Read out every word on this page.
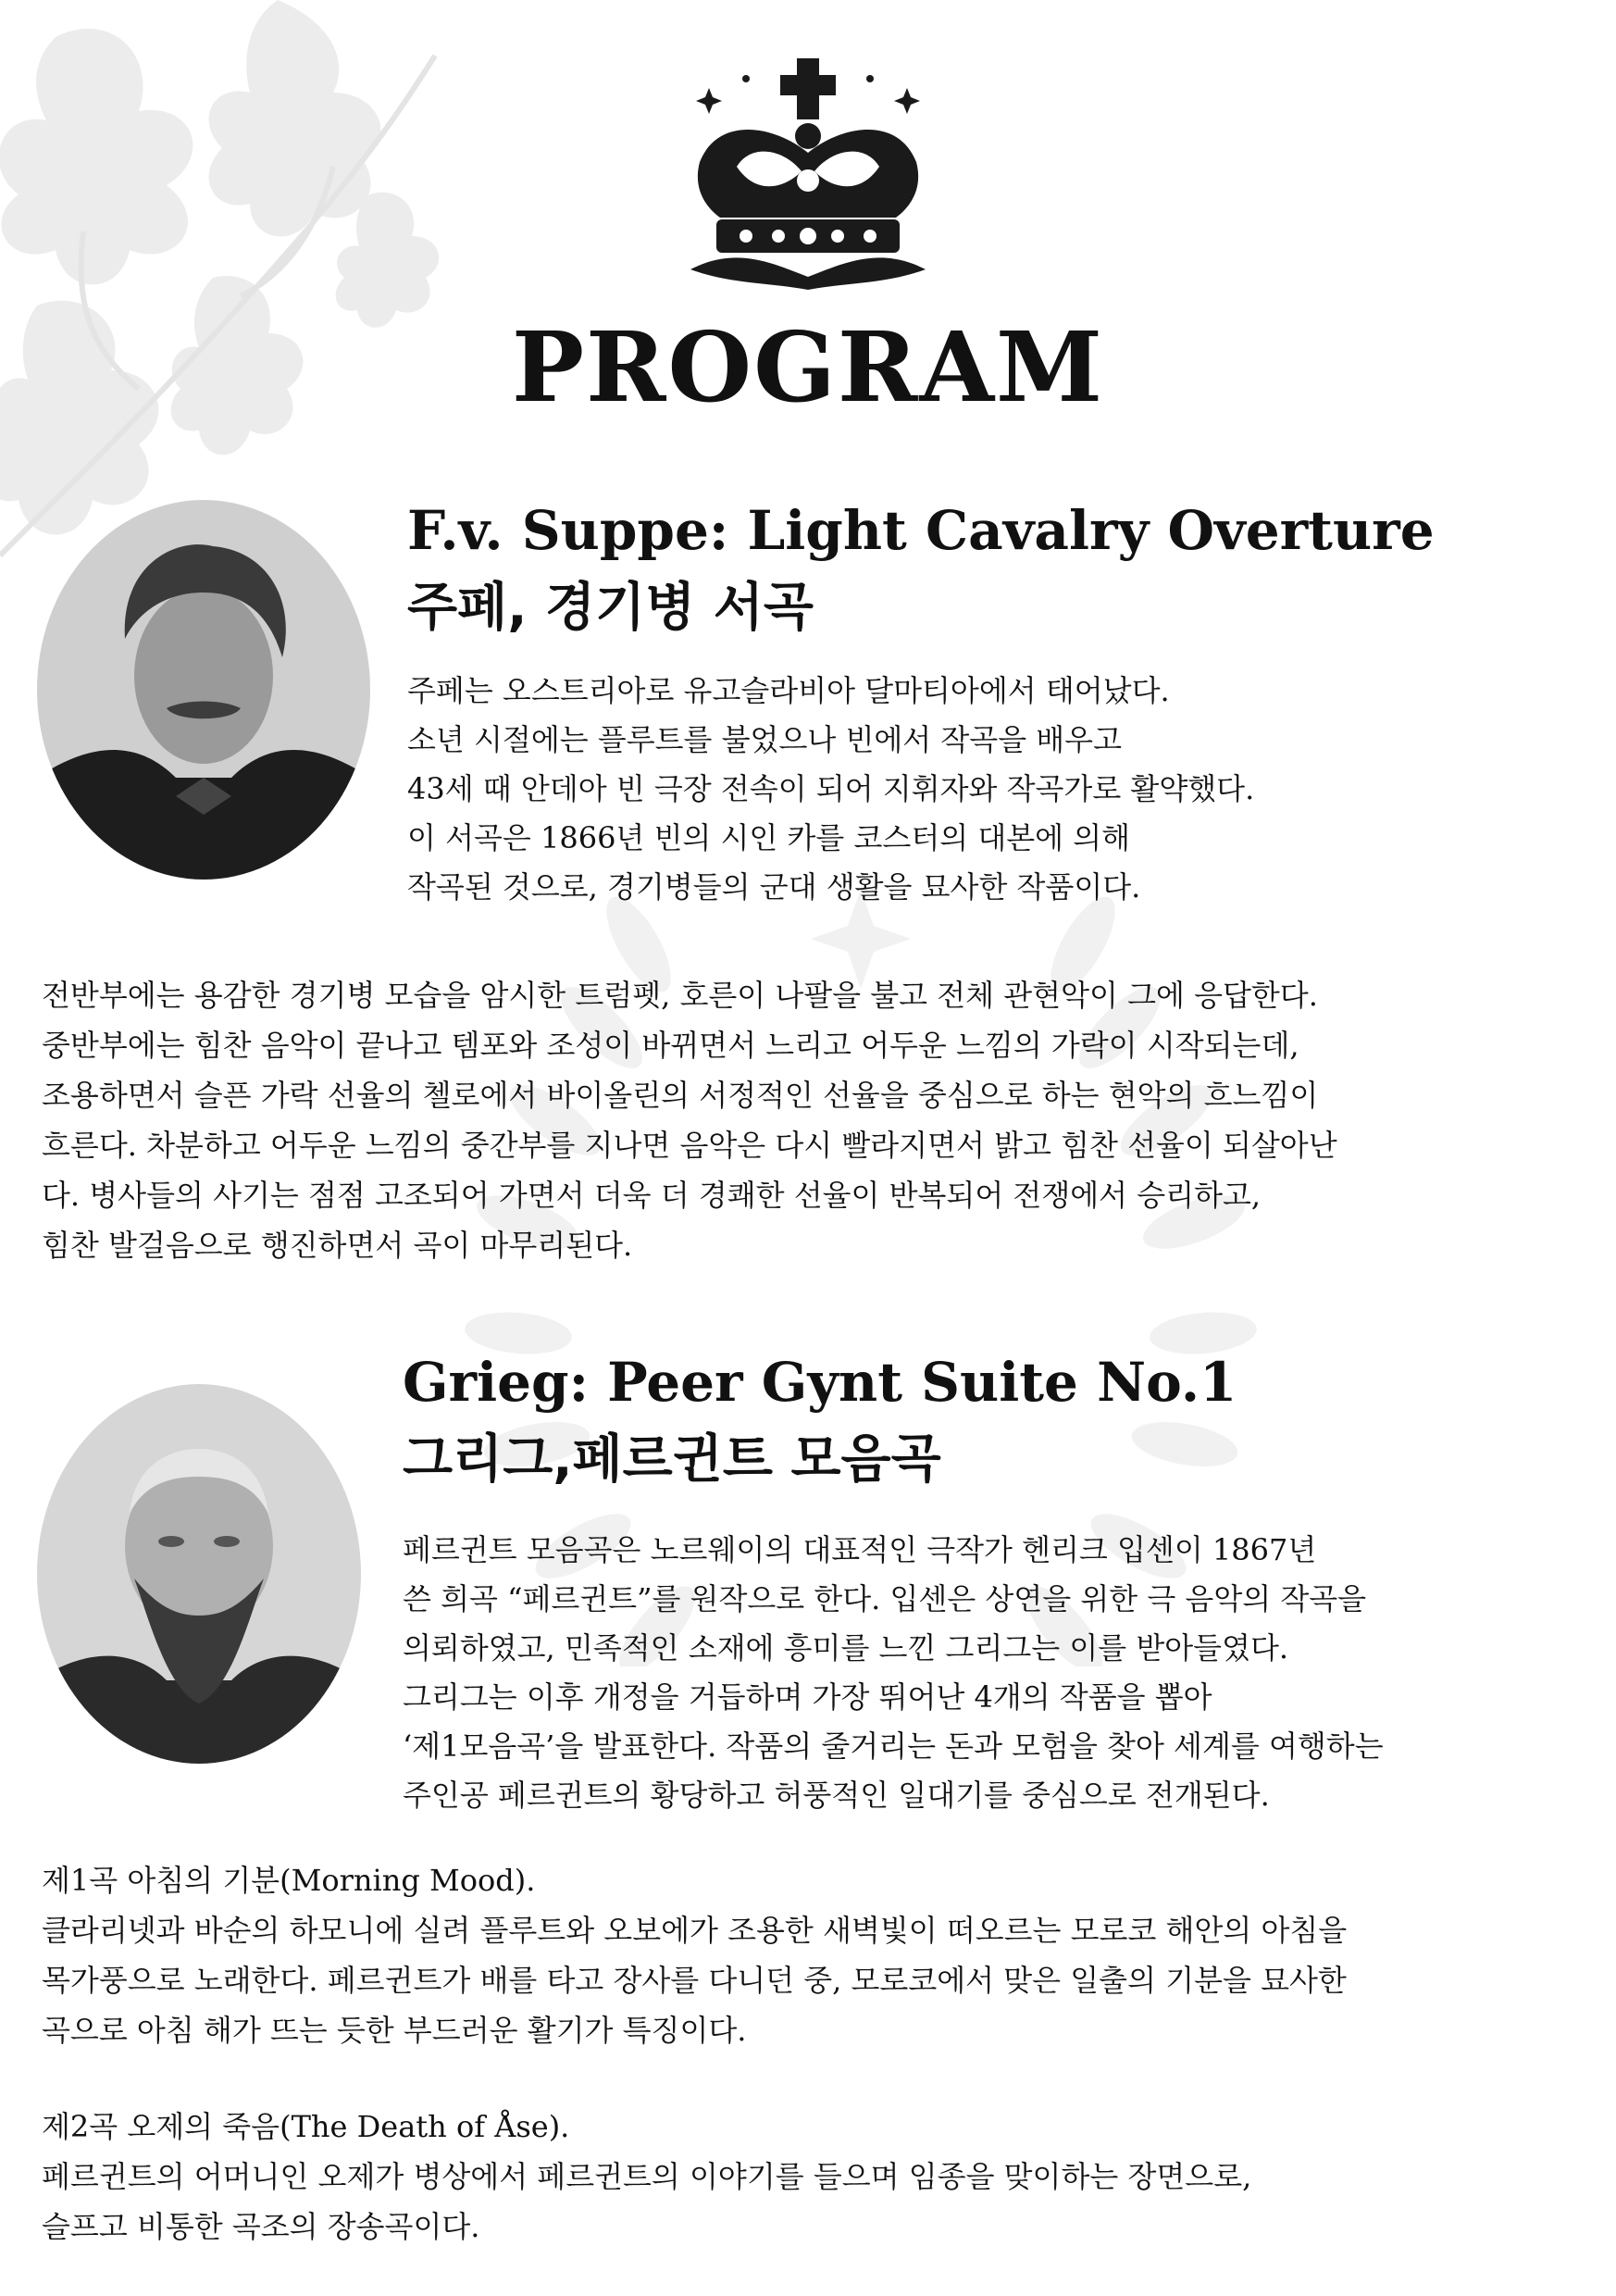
PROGRAM
F.v. Suppe: Light Cavalry Overture
주페, 경기병 서곡
주페는 오스트리아로 유고슬라비아 달마티아에서 태어났다.
소년 시절에는 플루트를 불었으나 빈에서 작곡을 배우고
43세 때 안데아 빈 극장 전속이 되어 지휘자와 작곡가로 활약했다.
이 서곡은 1866년 빈의 시인 카를 코스터의 대본에 의해
작곡된 것으로, 경기병들의 군대 생활을 묘사한 작품이다.
전반부에는 용감한 경기병 모습을 암시한 트럼펫, 호른이 나팔을 불고 전체 관현악이 그에 응답한다.
중반부에는 힘찬 음악이 끝나고 템포와 조성이 바뀌면서 느리고 어두운 느낌의 가락이 시작되는데,
조용하면서 슬픈 가락 선율의 첼로에서 바이올린의 서정적인 선율을 중심으로 하는 현악의 흐느낌이
흐른다. 차분하고 어두운 느낌의 중간부를 지나면 음악은 다시 빨라지면서 밝고 힘찬 선율이 되살아난
다. 병사들의 사기는 점점 고조되어 가면서 더욱 더 경쾌한 선율이 반복되어 전쟁에서 승리하고,
힘찬 발걸음으로 행진하면서 곡이 마무리된다.
Grieg: Peer Gynt Suite No.1
그리그,페르귄트 모음곡
페르귄트 모음곡은 노르웨이의 대표적인 극작가 헨리크 입센이 1867년
쓴 희곡 “페르귄트”를 원작으로 한다. 입센은 상연을 위한 극 음악의 작곡을
의뢰하였고, 민족적인 소재에 흥미를 느낀 그리그는 이를 받아들였다.
그리그는 이후 개정을 거듭하며 가장 뛰어난 4개의 작품을 뽑아
‘제1모음곡’을 발표한다. 작품의 줄거리는 돈과 모험을 찾아 세계를 여행하는
주인공 페르귄트의 황당하고 허풍적인 일대기를 중심으로 전개된다.

제1곡 아침의 기분(Morning Mood).

클라리넷과 바순의 하모니에 실려 플루트와 오보에가 조용한 새벽빛이 떠오르는 모로코 해안의 아침을

목가풍으로 노래한다. 페르귄트가 배를 타고 장사를 다니던 중, 모로코에서 맞은 일출의 기분을 묘사한

곡으로 아침 해가 뜨는 듯한 부드러운 활기가 특징이다.

제2곡 오제의 죽음(The Death of Åse).

페르귄트의 어머니인 오제가 병상에서 페르귄트의 이야기를 들으며 임종을 맞이하는 장면으로,

슬프고 비통한 곡조의 장송곡이다.
